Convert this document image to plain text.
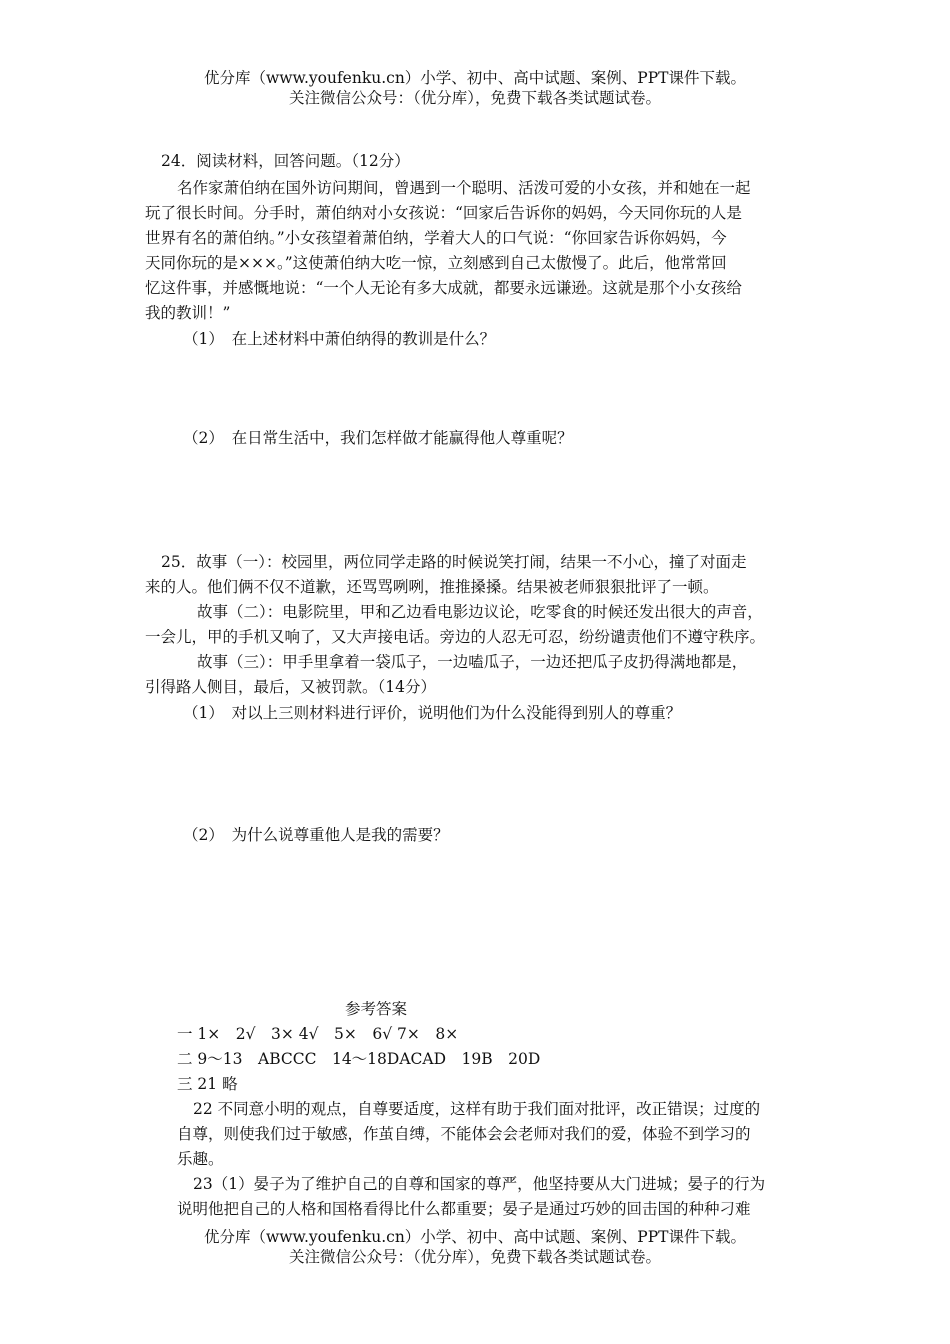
优分库（www.youfenku.cn）小学、初中、高中试题、案例、PPT课件下载。
关注微信公众号：（优分库），免费下载各类试题试卷。
24．阅读材料，回答问题。（12分）
名作家萧伯纳在国外访问期间，曾遇到一个聪明、活泼可爱的小女孩，并和她在一起
玩了很长时间。分手时，萧伯纳对小女孩说：“回家后告诉你的妈妈，今天同你玩的人是
世界有名的萧伯纳。”小女孩望着萧伯纳，学着大人的口气说：“你回家告诉你妈妈，今
天同你玩的是×××。”这使萧伯纳大吃一惊，立刻感到自己太傲慢了。此后，他常常回
忆这件事，并感慨地说：“一个人无论有多大成就，都要永远谦逊。这就是那个小女孩给
我的教训！”
（1）　在上述材料中萧伯纳得的教训是什么？
（2）　在日常生活中，我们怎样做才能赢得他人尊重呢？
25．故事（一）：校园里，两位同学走路的时候说笑打闹，结果一不小心，撞了对面走
来的人。他们俩不仅不道歉，还骂骂咧咧，推推搡搡。结果被老师狠狠批评了一顿。
故事（二）：电影院里，甲和乙边看电影边议论，吃零食的时候还发出很大的声音，
一会儿，甲的手机又响了，又大声接电话。旁边的人忍无可忍，纷纷谴责他们不遵守秩序。
故事（三）：甲手里拿着一袋瓜子，一边嗑瓜子，一边还把瓜子皮扔得满地都是，
引得路人侧目，最后，又被罚款。（14分）
（1）　对以上三则材料进行评价，说明他们为什么没能得到别人的尊重？
（2）　为什么说尊重他人是我的需要？
参考答案
一 1×　2√　3× 4√　5×　6√ 7×　8×
二 9～13　ABCCC　14～18DACAD　19B　20D
三 21 略
22 不同意小明的观点，自尊要适度，这样有助于我们面对批评，改正错误；过度的
自尊，则使我们过于敏感，作茧自缚，不能体会会老师对我们的爱，体验不到学习的
乐趣。
23（1）晏子为了维护自己的自尊和国家的尊严，他坚持要从大门进城；晏子的行为
说明他把自己的人格和国格看得比什么都重要；晏子是通过巧妙的回击国的种种刁难
优分库（www.youfenku.cn）小学、初中、高中试题、案例、PPT课件下载。
关注微信公众号：（优分库），免费下载各类试题试卷。
